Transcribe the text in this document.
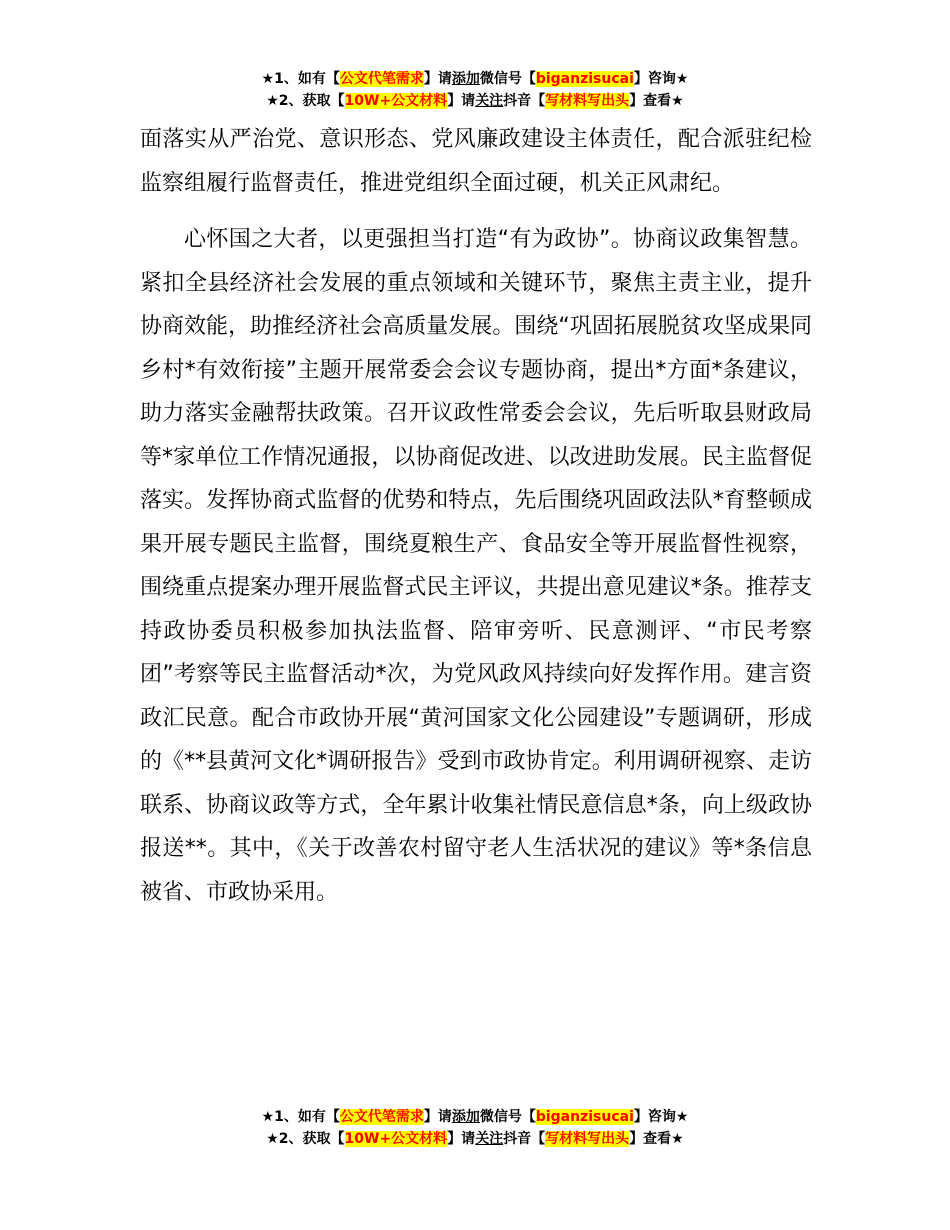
★1、如有【公文代笔需求】请添加微信号【biganzisucai】咨询★
★2、获取【10W+公文材料】请关注抖音【写材料写出头】查看★

面落实从严治党、意识形态、党风廉政建设主体责任，配合派驻纪检监察组履行监督责任，推进党组织全面过硬，机关正风肃纪。

心怀国之大者，以更强担当打造“有为政协”。协商议政集智慧。紧扣全县经济社会发展的重点领域和关键环节，聚焦主责主业，提升协商效能，助推经济社会高质量发展。围绕“巩固拓展脱贫攻坚成果同乡村*有效衔接”主题开展常委会会议专题协商，提出*方面*条建议，助力落实金融帮扶政策。召开议政性常委会会议，先后听取县财政局等*家单位工作情况通报，以协商促改进、以改进助发展。民主监督促落实。发挥协商式监督的优势和特点，先后围绕巩固政法队*育整顿成果开展专题民主监督，围绕夏粮生产、食品安全等开展监督性视察，围绕重点提案办理开展监督式民主评议，共提出意见建议*条。推荐支持政协委员积极参加执法监督、陪审旁听、民意测评、“市民考察团”考察等民主监督活动*次，为党风政风持续向好发挥作用。建言资政汇民意。配合市政协开展“黄河国家文化公园建设”专题调研，形成的《**县黄河文化*调研报告》受到市政协肯定。利用调研视察、走访联系、协商议政等方式，全年累计收集社情民意信息*条，向上级政协报送**。其中，《关于改善农村留守老人生活状况的建议》等*条信息被省、市政协采用。

★1、如有【公文代笔需求】请添加微信号【biganzisucai】咨询★
★2、获取【10W+公文材料】请关注抖音【写材料写出头】查看★
